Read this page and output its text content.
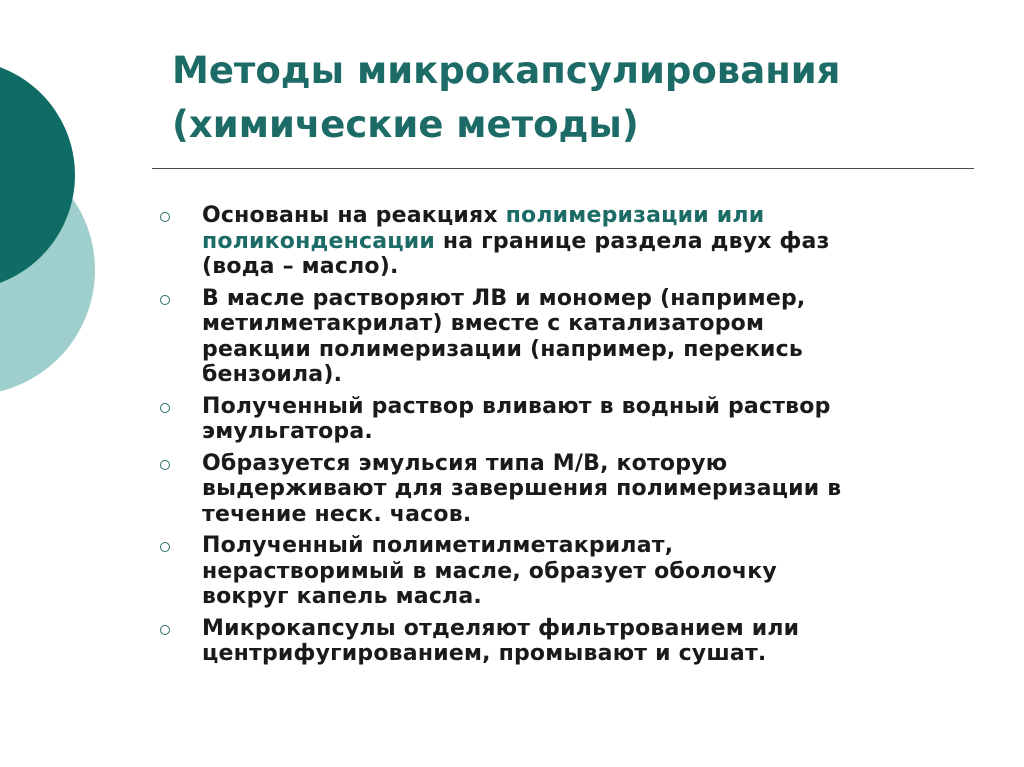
Методы микрокапсулирования
(химические методы)
Основаны на реакциях полимеризации или
поликонденсации на границе раздела двух фаз
(вода – масло).
В масле растворяют ЛВ и мономер (например,
метилметакрилат) вместе с катализатором
реакции полимеризации (например, перекись
бензоила).
Полученный раствор вливают в водный раствор
эмульгатора.
Образуется эмульсия типа М/В, которую
выдерживают для завершения полимеризации в
течение неск. часов.
Полученный полиметилметакрилат,
нерастворимый в масле, образует оболочку
вокруг капель масла.
Микрокапсулы отделяют фильтрованием или
центрифугированием, промывают и сушат.
